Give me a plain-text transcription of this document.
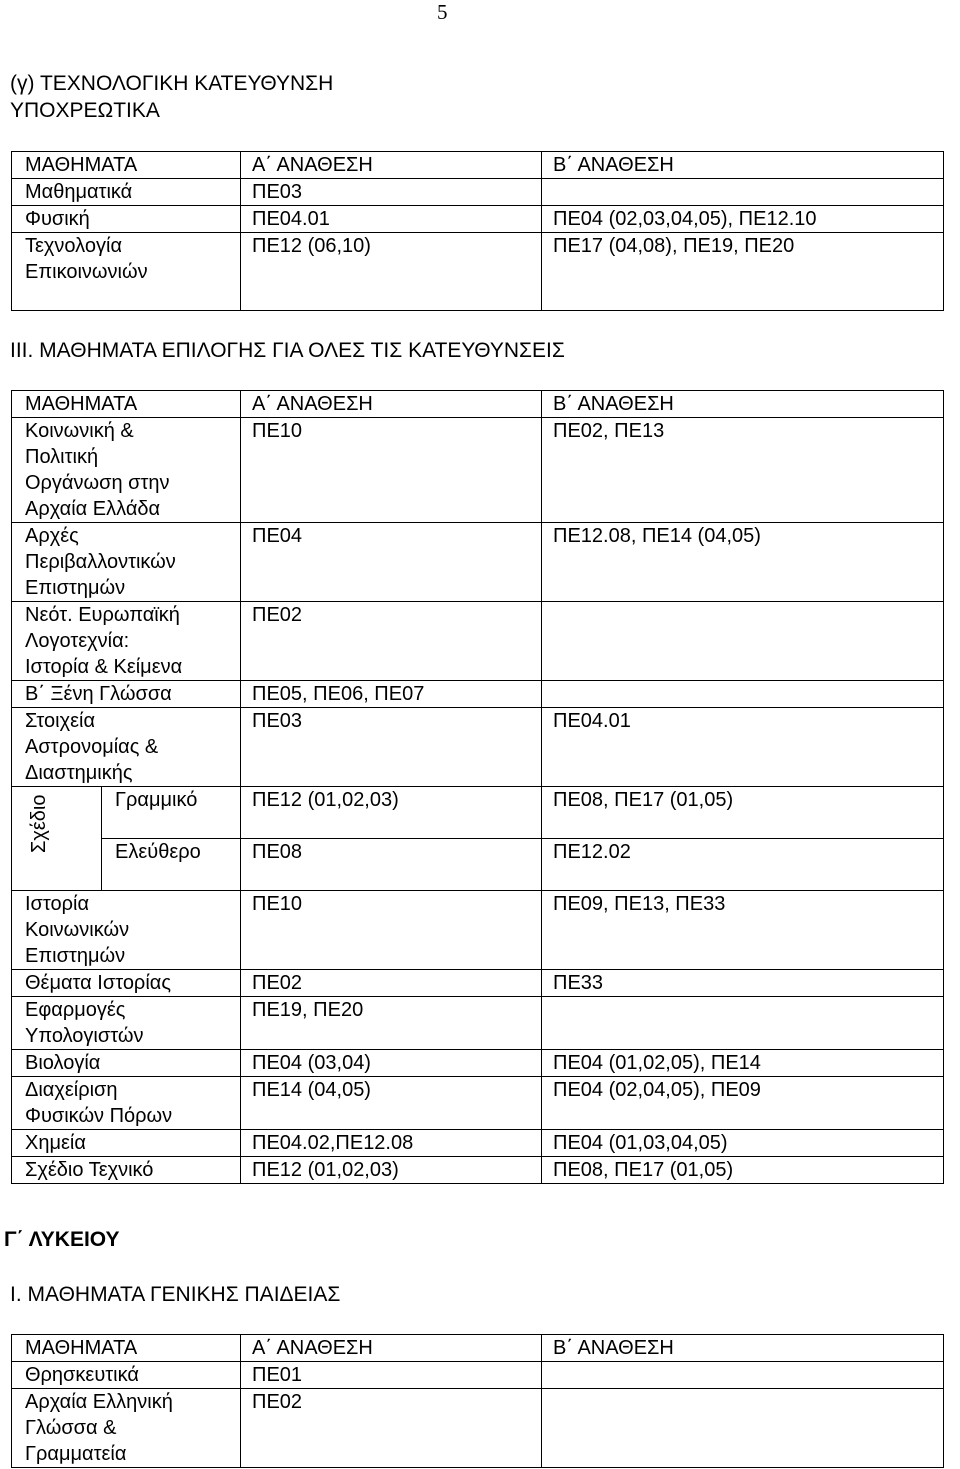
5
(γ) ΤΕΧΝΟΛΟΓΙΚΗ ΚΑΤΕΥΘΥΝΣΗ
ΥΠΟΧΡΕΩΤΙΚΑ
ΜΑΘΗΜΑΤΑ	Α΄ ΑΝΑΘΕΣΗ	Β΄ ΑΝΑΘΕΣΗ
Μαθηματικά	ΠΕ03	
Φυσική	ΠΕ04.01	ΠΕ04 (02,03,04,05), ΠΕ12.10
Τεχνολογία
Επικοινωνιών	ΠΕ12 (06,10)	ΠΕ17 (04,08), ΠΕ19, ΠΕ20
ΙΙΙ. ΜΑΘΗΜΑΤΑ ΕΠΙΛΟΓΗΣ ΓΙΑ ΟΛΕΣ ΤΙΣ ΚΑΤΕΥΘΥΝΣΕΙΣ
ΜΑΘΗΜΑΤΑ		Α΄ ΑΝΑΘΕΣΗ	Β΄ ΑΝΑΘΕΣΗ
Κοινωνική &
Πολιτική
Οργάνωση στην
Αρχαία Ελλάδα		ΠΕ10	ΠΕ02, ΠΕ13
Αρχές
Περιβαλλοντικών
Επιστημών		ΠΕ04	ΠΕ12.08, ΠΕ14 (04,05)
Νεότ. Ευρωπαϊκή
Λογοτεχνία:
Ιστορία & Κείμενα		ΠΕ02	
Β΄ Ξένη Γλώσσα		ΠΕ05, ΠΕ06, ΠΕ07	
Στοιχεία
Αστρονομίας &
Διαστημικής		ΠΕ03	ΠΕ04.01

Σχέδιο	Γραμμικό	ΠΕ12 (01,02,03)	ΠΕ08, ΠΕ17 (01,05)
	Ελεύθερο	ΠΕ08	ΠΕ12.02
Ιστορία
Κοινωνικών
Επιστημών		ΠΕ10	ΠΕ09, ΠΕ13, ΠΕ33
Θέματα Ιστορίας		ΠΕ02	ΠΕ33
Εφαρμογές
Υπολογιστών		ΠΕ19, ΠΕ20	
Βιολογία		ΠΕ04 (03,04)	ΠΕ04 (01,02,05), ΠΕ14
Διαχείριση
Φυσικών Πόρων		ΠΕ14 (04,05)	ΠΕ04 (02,04,05), ΠΕ09
Χημεία		ΠΕ04.02,ΠΕ12.08	ΠΕ04 (01,03,04,05)
Σχέδιο Τεχνικό		ΠΕ12 (01,02,03)	ΠΕ08, ΠΕ17 (01,05)
Γ΄ ΛΥΚΕΙΟΥ
Ι. ΜΑΘΗΜΑΤΑ ΓΕΝΙΚΗΣ ΠΑΙΔΕΙΑΣ
ΜΑΘΗΜΑΤΑ	Α΄ ΑΝΑΘΕΣΗ	Β΄ ΑΝΑΘΕΣΗ
Θρησκευτικά	ΠΕ01	
Αρχαία Ελληνική
Γλώσσα &
Γραμματεία	ΠΕ02	
